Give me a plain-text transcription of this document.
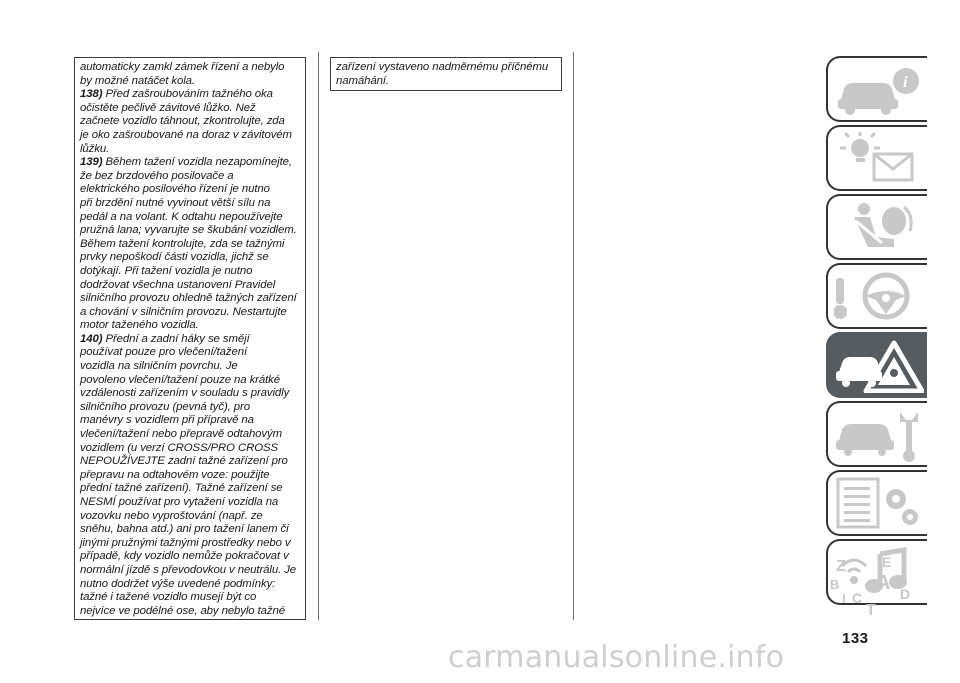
automaticky zamkl zámek řízení a nebylo
by možné natáčet kola.

138) Před zašroubováním tažného oka
očistěte pečlivě závitové lůžko. Než
začnete vozidlo táhnout, zkontrolujte, zda
je oko zašroubované na doraz v závitovém
lůžku.

139) Během tažení vozidla nezapomínejte,
že bez brzdového posilovače a
elektrického posilového řízení je nutno
při brzdění nutné vyvinout větší sílu na
pedál a na volant. K odtahu nepoužívejte
pružná lana; vyvarujte se škubání vozidlem.
Během tažení kontrolujte, zda se tažnými
prvky nepoškodí části vozidla, jichž se
dotýkají. Při tažení vozidla je nutno
dodržovat všechna ustanovení Pravidel
silničního provozu ohledně tažných zařízení
a chování v silničním provozu. Nestartujte
motor taženého vozidla.

140) Přední a zadní háky se smějí
používat pouze pro vlečení/tažení
vozidla na silničním povrchu. Je
povoleno vlečení/tažení pouze na krátké
vzdálenosti zařízením v souladu s pravidly
silničního provozu (pevná tyč), pro
manévry s vozidlem při přípravě na
vlečení/tažení nebo přepravě odtahovým
vozidlem (u verzí CROSS/PRO CROSS
NEPOUŽÍVEJTE zadní tažné zařízení pro
přepravu na odtahovém voze: použijte
přední tažné zařízení). Tažné zařízení se
NESMÍ používat pro vytažení vozidla na
vozovku nebo vyproštování (např. ze
sněhu, bahna atd.) ani pro tažení lanem či
jinými pružnými tažnými prostředky nebo v
případě, kdy vozidlo nemůže pokračovat v
normální jízdě s převodovkou v neutrálu. Je
nutno dodržet výše uvedené podmínky:
tažné i tažené vozidlo musejí být co
nejvíce ve podélné ose, aby nebylo tažné

zařízení vystaveno nadměrnému příčnému
namáhání.	i
Z	E
B A
C	D
I
T
133
carmanualsonline.info
